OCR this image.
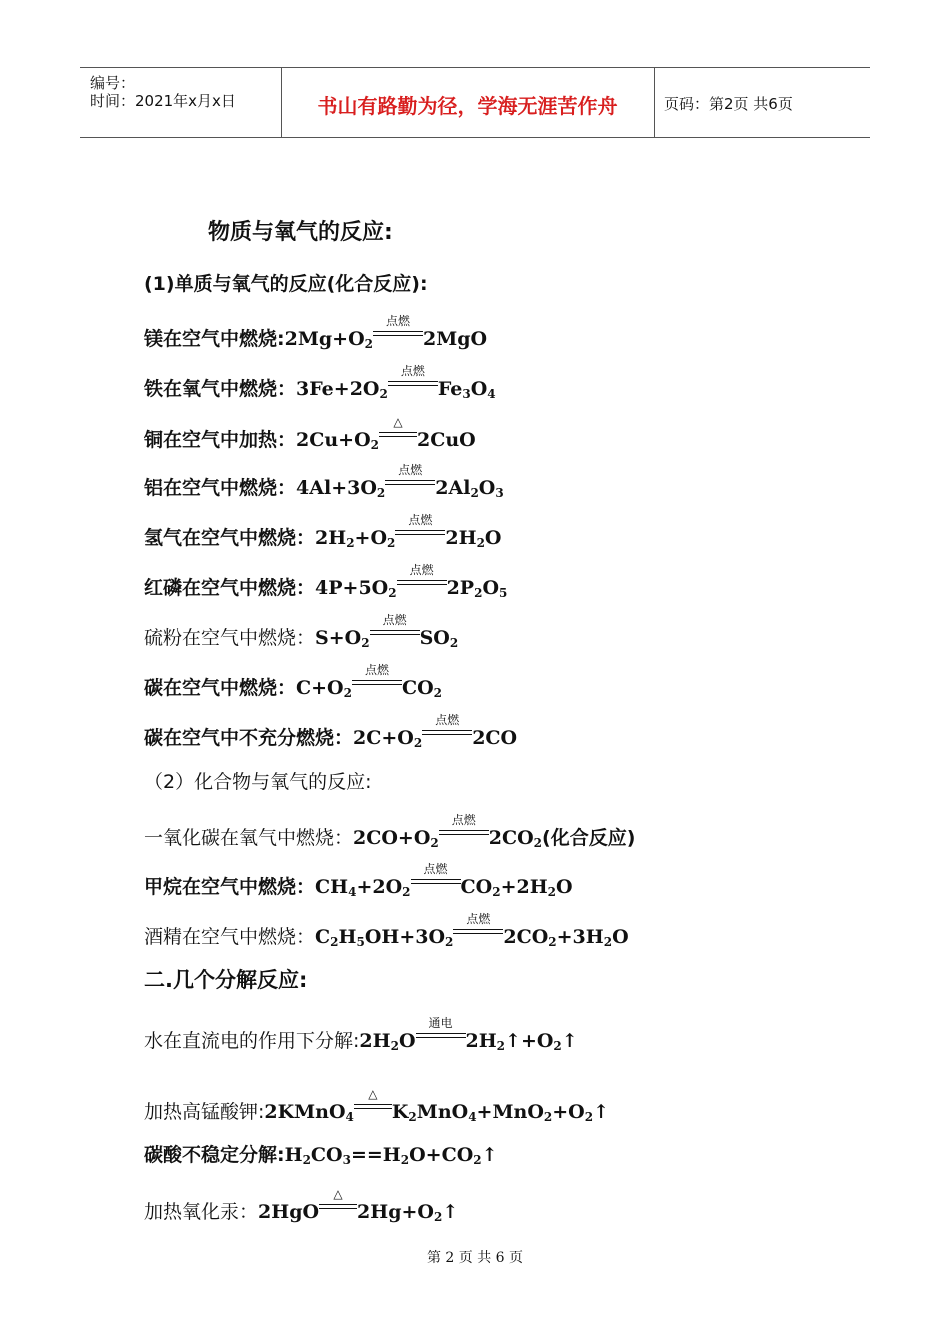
编号：
时间：2021年x月x日	书山有路勤为径，学海无涯苦作舟	页码：第2页 共6页
物质与氧气的反应:
(1)单质与氧气的反应(化合反应):
镁在空气中燃烧$:2Mg+O_2$
点燃
2MgO
铁在氧气中燃烧：$3Fe+2O_2$
点燃
$Fe_3O_4$
铜在空气中加热：$2Cu+O_2$
△
2CuO
铝在空气中燃烧：$4Al+3O_2$
点燃
$2Al_2O_3$
氢气在空气中燃烧：$2H_2+O_2$
点燃
$2H_2O$
红磷在空气中燃烧：$4P+5O_2$
点燃
$2P_2O_5$
硫粉在空气中燃烧：$S+O_2$
点燃
$SO_2$
碳在空气中燃烧：$C+O_2$
点燃
$CO_2$
碳在空气中不充分燃烧：$2C+O_2$
点燃
2CO
（2）化合物与氧气的反应:
一氧化碳在氧气中燃烧：$2CO+O_2$
点燃
$2CO_2$(化合反应)
甲烷在空气中燃烧：$CH_4+2O_2$
点燃
$CO_2+2H_2O$
酒精在空气中燃烧：$C_2H_5OH+3O_2$
点燃
$2CO_2+3H_2O$
二.几个分解反应:
水在直流电的作用下分解$:2H_2O$
通电
$2H_2↑+O_2↑$
加热高锰酸钾:2KMnO$_4$
△
$K_2MnO_4+MnO_2+O_2↑$
碳酸不稳定分解$:H_2CO_3==H_2O+CO_2↑$
加热氧化汞：2HgO
△
$2Hg+O_2↑$
第 2 页 共 6 页
